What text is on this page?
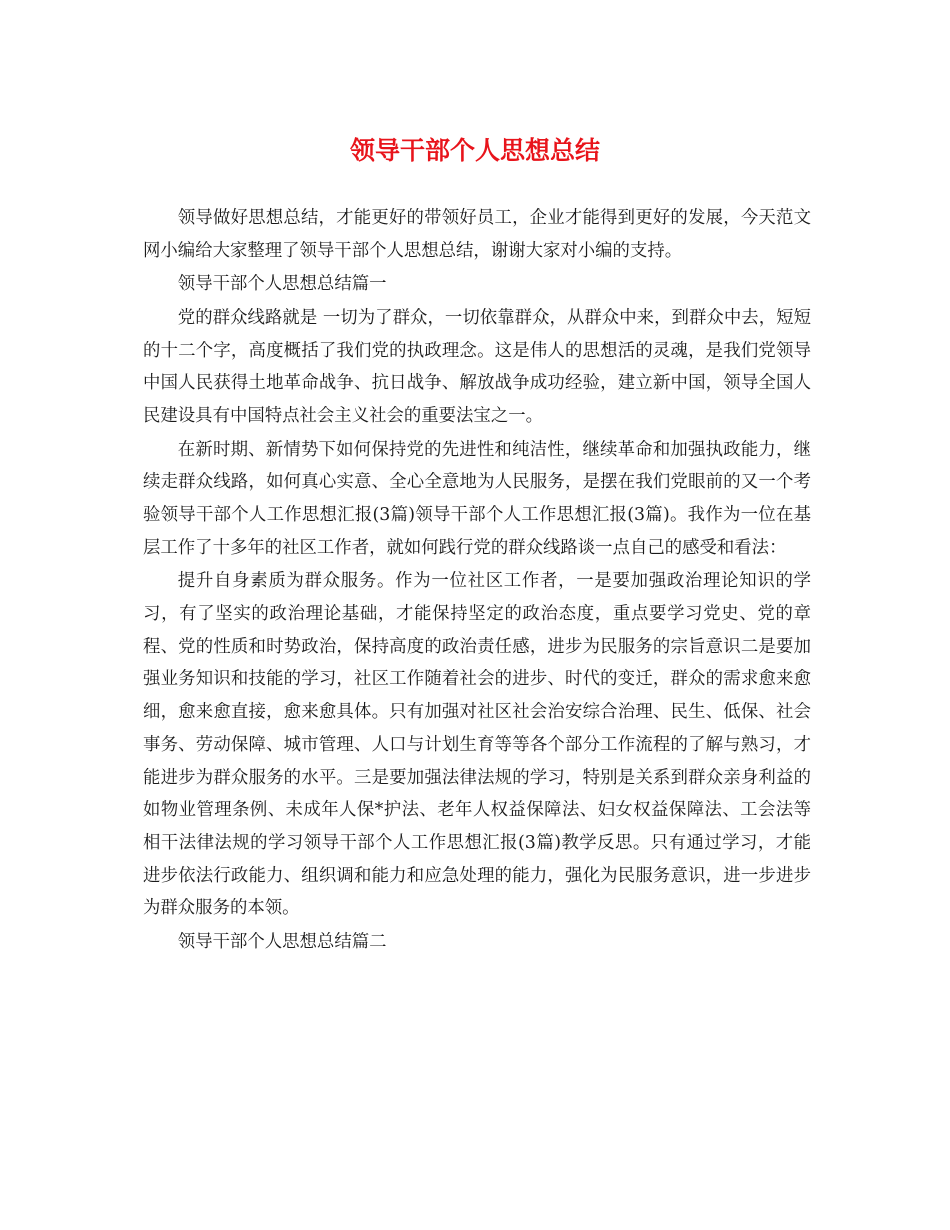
领导干部个人思想总结

领导做好思想总结，才能更好的带领好员工，企业才能得到更好的发展，今天范文网小编给大家整理了领导干部个人思想总结，谢谢大家对小编的支持。

领导干部个人思想总结篇一

党的群众线路就是 一切为了群众，一切依靠群众，从群众中来，到群众中去，短短的十二个字，高度概括了我们党的执政理念。这是伟人的思想活的灵魂，是我们党领导中国人民获得土地革命战争、抗日战争、解放战争成功经验，建立新中国，领导全国人民建设具有中国特点社会主义社会的重要法宝之一。

在新时期、新情势下如何保持党的先进性和纯洁性，继续革命和加强执政能力，继续走群众线路，如何真心实意、全心全意地为人民服务，是摆在我们党眼前的又一个考验领导干部个人工作思想汇报(3篇)领导干部个人工作思想汇报(3篇)。我作为一位在基层工作了十多年的社区工作者，就如何践行党的群众线路谈一点自己的感受和看法：

提升自身素质为群众服务。作为一位社区工作者，一是要加强政治理论知识的学习，有了坚实的政治理论基础，才能保持坚定的政治态度，重点要学习党史、党的章程、党的性质和时势政治，保持高度的政治责任感，进步为民服务的宗旨意识二是要加强业务知识和技能的学习，社区工作随着社会的进步、时代的变迁，群众的需求愈来愈细，愈来愈直接，愈来愈具体。只有加强对社区社会治安综合治理、民生、低保、社会事务、劳动保障、城市管理、人口与计划生育等等各个部分工作流程的了解与熟习，才能进步为群众服务的水平。三是要加强法律法规的学习，特别是关系到群众亲身利益的如物业管理条例、未成年人保*护法、老年人权益保障法、妇女权益保障法、工会法等相干法律法规的学习领导干部个人工作思想汇报(3篇)教学反思。只有通过学习，才能进步依法行政能力、组织调和能力和应急处理的能力，强化为民服务意识，进一步进步为群众服务的本领。

领导干部个人思想总结篇二
